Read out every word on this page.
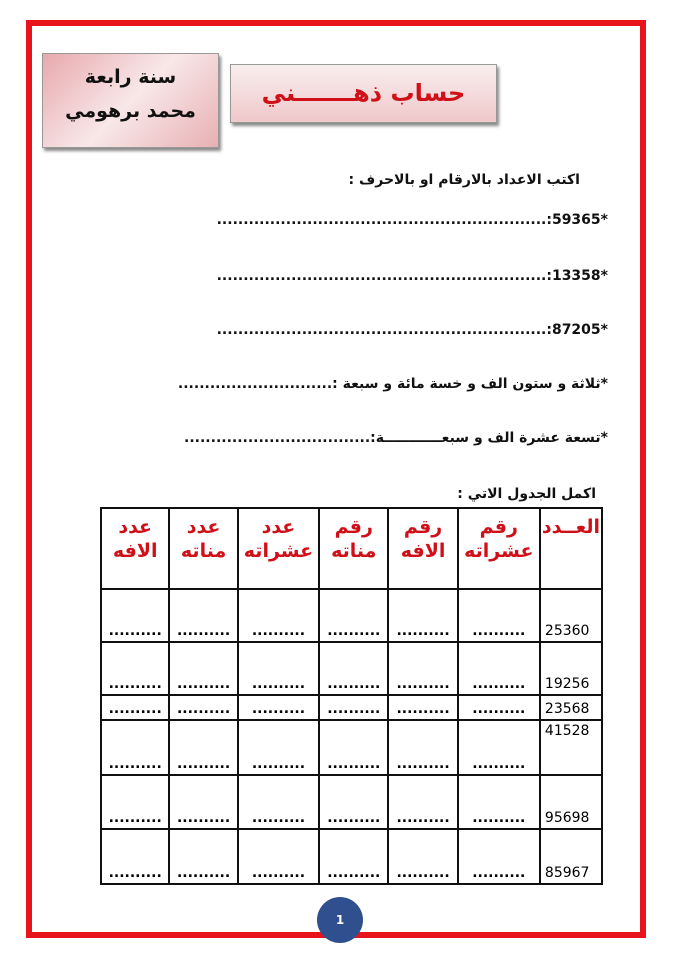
سنة رابعة
محمد برهومي
حساب ذهـــــــني
اكتب الاعداد بالارقام او بالاحرف :
*59365:..............................................................
*13358:..............................................................
*87205:..............................................................
*ثلاثة و ستون الف و خسة مائة و سبعة :.............................
*تسعة عشرة الف و سبعــــــــــــة:...................................
اكمل الجدول الاتي :
العــدد	رقم عشراته	رقم الافه	رقم مناته	عدد عشراته	عدد مناته	عدد الافه
25360	..........	..........	..........	..........	..........	..........
19256	..........	..........	..........	..........	..........	..........
23568	..........	..........	..........	..........	..........	..........
41528	..........	..........	..........	..........	..........	..........
95698	..........	..........	..........	..........	..........	..........
85967	..........	..........	..........	..........	..........	..........
1
